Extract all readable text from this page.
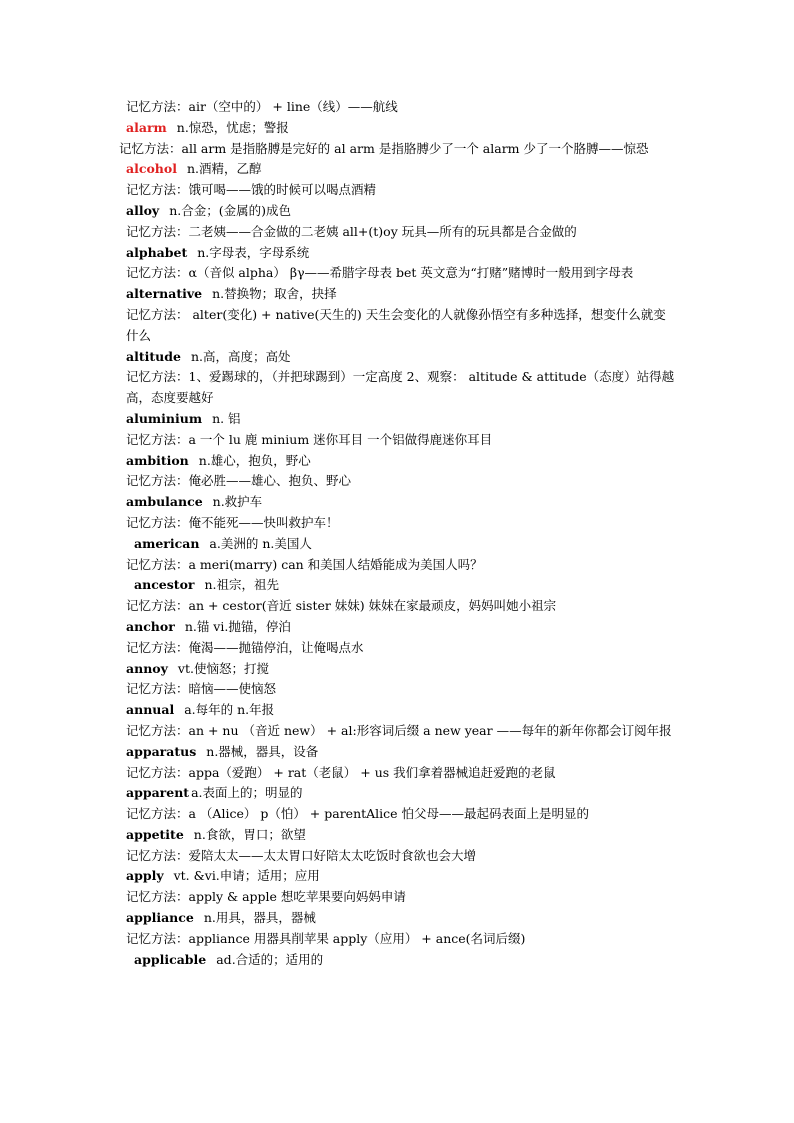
记忆方法：air（空中的） + line（线）——航线
alarm n.惊恐，忧虑；警报
记忆方法：all arm 是指胳膊是完好的 al arm 是指胳膊少了一个 alarm 少了一个胳膊——惊恐
alcohol n.酒精，乙醇
记忆方法：饿可喝——饿的时候可以喝点酒精
alloy n.合金；(金属的)成色
记忆方法：二老姨——合金做的二老姨 all+(t)oy 玩具—所有的玩具都是合金做的
alphabet n.字母表，字母系统
记忆方法：α（音似 alpha） βγ——希腊字母表 bet 英文意为“打赌”赌博时一般用到字母表
alternative n.替换物；取舍，抉择
记忆方法： alter(变化) + native(天生的) 天生会变化的人就像孙悟空有多种选择，想变什么就变什么
altitude n.高，高度；高处
记忆方法：1、爱踢球的，（并把球踢到）一定高度 2、观察： altitude & attitude（态度）站得越高，态度要越好
aluminium n. 铝
记忆方法：a 一个 lu 鹿 minium 迷你耳目 一个铝做得鹿迷你耳目
ambition n.雄心，抱负，野心
记忆方法：俺必胜——雄心、抱负、野心
ambulance n.救护车
记忆方法：俺不能死——快叫救护车！
american a.美洲的 n.美国人
记忆方法：a meri(marry) can 和美国人结婚能成为美国人吗？
ancestor n.祖宗，祖先
记忆方法：an + cestor(音近 sister 妹妹) 妹妹在家最顽皮，妈妈叫她小祖宗
anchor n.锚 vi.抛锚，停泊
记忆方法：俺渴——抛锚停泊，让俺喝点水
annoy vt.使恼怒；打搅
记忆方法：暗恼——使恼怒
annual a.每年的 n.年报
记忆方法：an + nu （音近 new） + al:形容词后缀 a new year ——每年的新年你都会订阅年报
apparatus n.器械，器具，设备
记忆方法：appa（爱跑） + rat（老鼠） + us 我们拿着器械追赶爱跑的老鼠
apparent a.表面上的；明显的
记忆方法：a （Alice） p（怕） + parentAlice 怕父母——最起码表面上是明显的
appetite n.食欲，胃口；欲望
记忆方法：爱陪太太——太太胃口好陪太太吃饭时食欲也会大增
apply vt. &vi.申请；适用；应用
记忆方法：apply & apple 想吃苹果要向妈妈申请
appliance n.用具，器具，器械
记忆方法：appliance 用器具削苹果 apply（应用） + ance(名词后缀)
applicable ad.合适的；适用的
